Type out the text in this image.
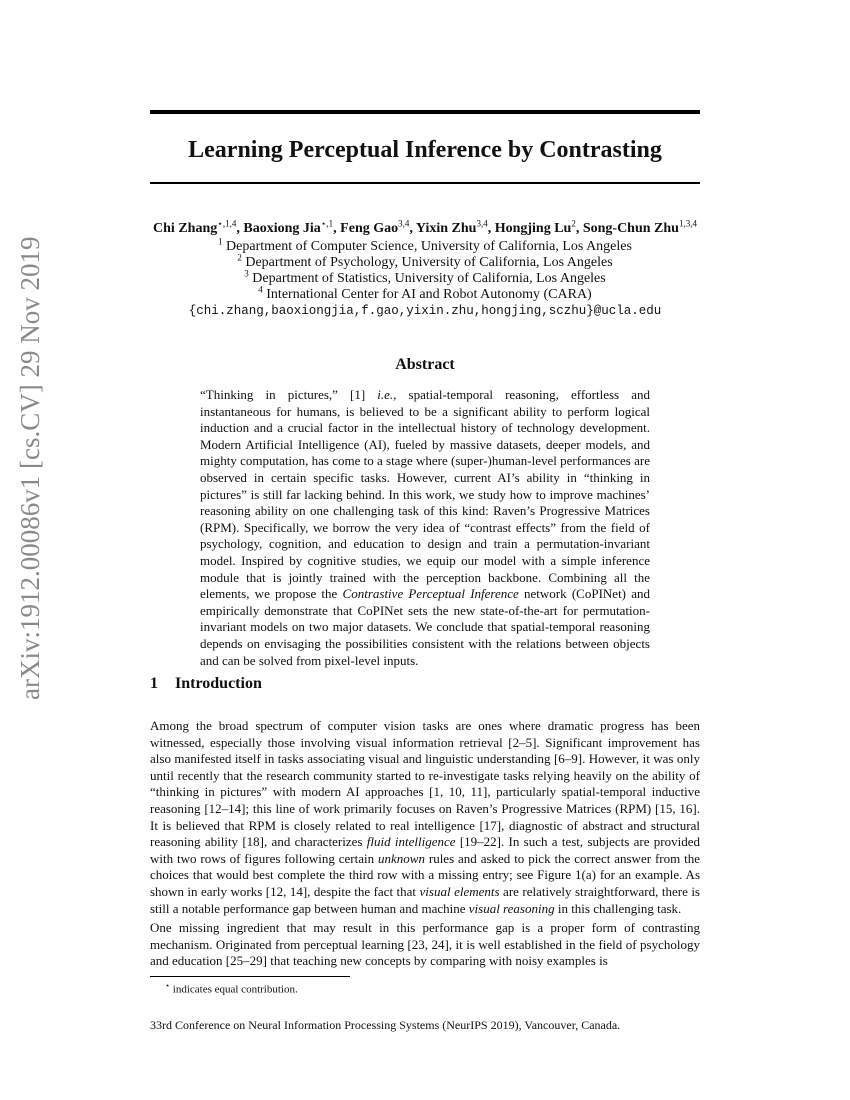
arXiv:1912.00086v1 [cs.CV] 29 Nov 2019
Learning Perceptual Inference by Contrasting
Chi Zhang$^{⋆,1,4}$, Baoxiong Jia$^{⋆,1}$, Feng Gao$^{3,4}$, Yixin Zhu$^{3,4}$, Hongjing Lu$^2$, Song-Chun Zhu$^{1,3,4}$
$^1$ Department of Computer Science, University of California, Los Angeles
$^2$ Department of Psychology, University of California, Los Angeles
$^3$ Department of Statistics, University of California, Los Angeles
$^4$ International Center for AI and Robot Autonomy (CARA)
{chi.zhang,baoxiongjia,f.gao,yixin.zhu,hongjing,sczhu}@ucla.edu
Abstract
“Thinking in pictures,” [1] i.e., spatial-temporal reasoning, effortless and instantaneous for humans, is believed to be a significant ability to perform logical induction and a crucial factor in the intellectual history of technology development. Modern Artificial Intelligence (AI), fueled by massive datasets, deeper models, and mighty computation, has come to a stage where (super-)human-level performances are observed in certain specific tasks. However, current AI’s ability in “thinking in pictures” is still far lacking behind. In this work, we study how to improve machines’ reasoning ability on one challenging task of this kind: Raven’s Progressive Matrices (RPM). Specifically, we borrow the very idea of “contrast effects” from the field of psychology, cognition, and education to design and train a permutation-invariant model. Inspired by cognitive studies, we equip our model with a simple inference module that is jointly trained with the perception backbone. Combining all the elements, we propose the Contrastive Perceptual Inference network (CoPINet) and empirically demonstrate that CoPINet sets the new state-of-the-art for permutation-invariant models on two major datasets. We conclude that spatial-temporal reasoning depends on envisaging the possibilities consistent with the relations between objects and can be solved from pixel-level inputs.
1 Introduction
Among the broad spectrum of computer vision tasks are ones where dramatic progress has been witnessed, especially those involving visual information retrieval [2–5]. Significant improvement has also manifested itself in tasks associating visual and linguistic understanding [6–9]. However, it was only until recently that the research community started to re-investigate tasks relying heavily on the ability of “thinking in pictures” with modern AI approaches [1, 10, 11], particularly spatial-temporal inductive reasoning [12–14]; this line of work primarily focuses on Raven’s Progressive Matrices (RPM) [15, 16]. It is believed that RPM is closely related to real intelligence [17], diagnostic of abstract and structural reasoning ability [18], and characterizes fluid intelligence [19–22]. In such a test, subjects are provided with two rows of figures following certain unknown rules and asked to pick the correct answer from the choices that would best complete the third row with a missing entry; see Figure 1(a) for an example. As shown in early works [12, 14], despite the fact that visual elements are relatively straightforward, there is still a notable performance gap between human and machine visual reasoning in this challenging task.
One missing ingredient that may result in this performance gap is a proper form of contrasting mechanism. Originated from perceptual learning [23, 24], it is well established in the field of psychology and education [25–29] that teaching new concepts by comparing with noisy examples is
⋆ indicates equal contribution.
33rd Conference on Neural Information Processing Systems (NeurIPS 2019), Vancouver, Canada.
